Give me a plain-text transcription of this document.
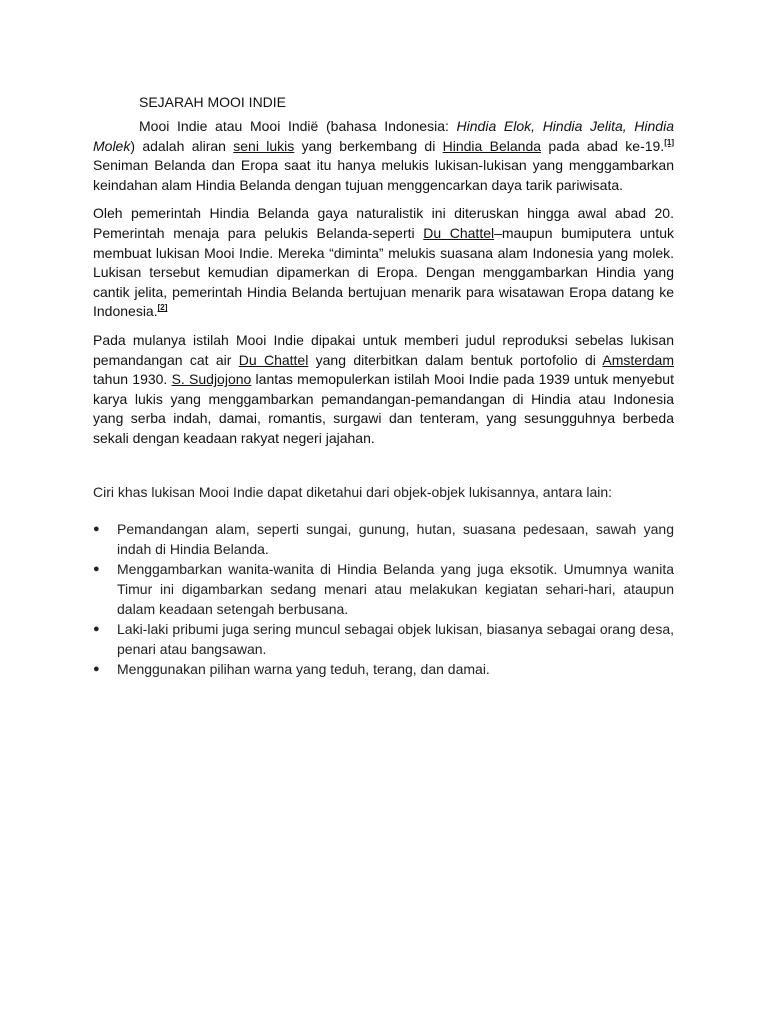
SEJARAH MOOI INDIE

Mooi Indie atau Mooi Indië (bahasa Indonesia: Hindia Elok, Hindia Jelita, Hindia Molek) adalah aliran seni lukis yang berkembang di Hindia Belanda pada abad ke-19.[1] Seniman Belanda dan Eropa saat itu hanya melukis lukisan-lukisan yang menggambarkan keindahan alam Hindia Belanda dengan tujuan menggencarkan daya tarik pariwisata.

Oleh pemerintah Hindia Belanda gaya naturalistik ini diteruskan hingga awal abad 20. Pemerintah menaja para pelukis Belanda-seperti Du Chattel–maupun bumiputera untuk membuat lukisan Mooi Indie. Mereka “diminta” melukis suasana alam Indonesia yang molek. Lukisan tersebut kemudian dipamerkan di Eropa. Dengan menggambarkan Hindia yang cantik jelita, pemerintah Hindia Belanda bertujuan menarik para wisatawan Eropa datang ke Indonesia.[2]

Pada mulanya istilah Mooi Indie dipakai untuk memberi judul reproduksi sebelas lukisan pemandangan cat air Du Chattel yang diterbitkan dalam bentuk portofolio di Amsterdam tahun 1930. S. Sudjojono lantas memopulerkan istilah Mooi Indie pada 1939 untuk menyebut karya lukis yang menggambarkan pemandangan-pemandangan di Hindia atau Indonesia yang serba indah, damai, romantis, surgawi dan tenteram, yang sesungguhnya berbeda sekali dengan keadaan rakyat negeri jajahan.

Ciri khas lukisan Mooi Indie dapat diketahui dari objek-objek lukisannya, antara lain:

● Pemandangan alam, seperti sungai, gunung, hutan, suasana pedesaan, sawah yang indah di Hindia Belanda.
● Menggambarkan wanita-wanita di Hindia Belanda yang juga eksotik. Umumnya wanita Timur ini digambarkan sedang menari atau melakukan kegiatan sehari-hari, ataupun dalam keadaan setengah berbusana.
● Laki-laki pribumi juga sering muncul sebagai objek lukisan, biasanya sebagai orang desa, penari atau bangsawan.
● Menggunakan pilihan warna yang teduh, terang, dan damai.
